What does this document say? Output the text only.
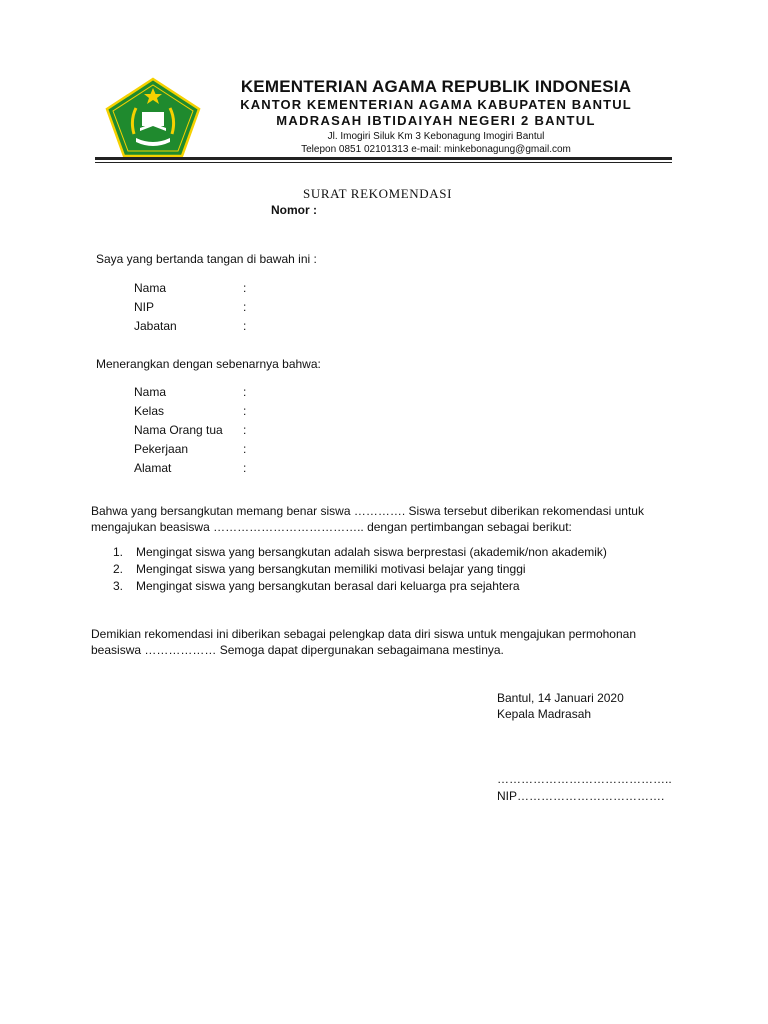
KEMENTERIAN AGAMA REPUBLIK INDONESIA
KANTOR KEMENTERIAN AGAMA KABUPATEN BANTUL
MADRASAH IBTIDAIYAH NEGERI 2 BANTUL
Jl. Imogiri Siluk Km 3 Kebonagung Imogiri Bantul
Telepon 0851 02101313 e-mail: minkebonagung@gmail.com
SURAT REKOMENDASI
Nomor :
Saya yang bertanda tangan di bawah ini :
Nama	:
NIP	:
Jabatan	:
Menerangkan dengan sebenarnya bahwa:
Nama	:
Kelas	:
Nama Orang tua	:
Pekerjaan	:
Alamat	:
Bahwa yang bersangkutan memang benar siswa …………. Siswa tersebut diberikan rekomendasi untuk
mengajukan beasiswa ……………………………….. dengan pertimbangan sebagai berikut:
1. Mengingat siswa yang bersangkutan adalah siswa berprestasi (akademik/non akademik)
2. Mengingat siswa yang bersangkutan memiliki motivasi belajar yang tinggi
3. Mengingat siswa yang bersangkutan berasal dari keluarga pra sejahtera
Demikian rekomendasi ini diberikan sebagai pelengkap data diri siswa untuk mengajukan permohonan
beasiswa ……………… Semoga dapat dipergunakan sebagaimana mestinya.
Bantul, 14 Januari 2020
Kepala Madrasah
……………………………………..
NIP……………………………….
